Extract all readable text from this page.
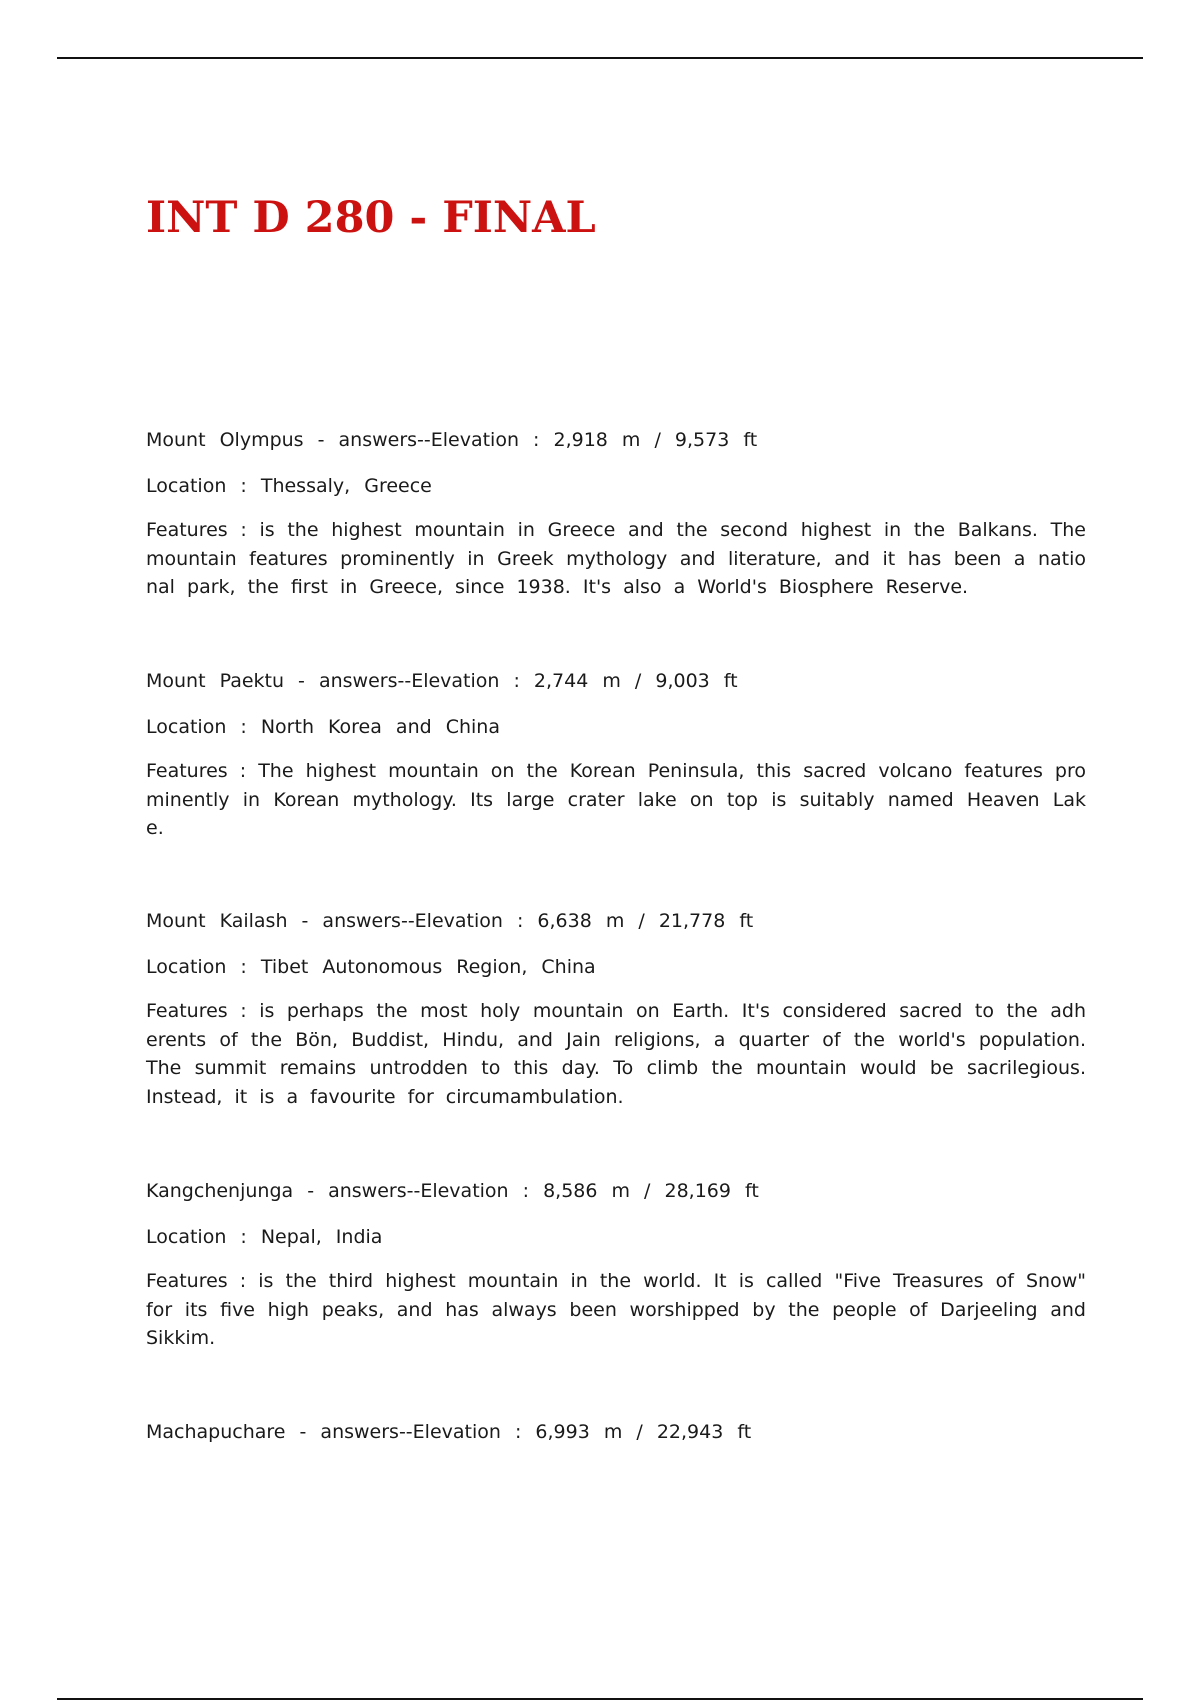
INT D 280 - FINAL

Mount Olympus - answers--Elevation : 2,918 m / 9,573 ft

Location : Thessaly, Greece

Features : is the highest mountain in Greece and the second highest in the Balkans. The mountain features prominently in Greek mythology and literature, and it has been a national park, the first in Greece, since 1938. It's also a World's Biosphere Reserve.

Mount Paektu - answers--Elevation : 2,744 m / 9,003 ft

Location : North Korea and China

Features : The highest mountain on the Korean Peninsula, this sacred volcano features prominently in Korean mythology. Its large crater lake on top is suitably named Heaven Lake.

Mount Kailash - answers--Elevation : 6,638 m / 21,778 ft

Location : Tibet Autonomous Region, China

Features : is perhaps the most holy mountain on Earth. It's considered sacred to the adherents of the Bön, Buddist, Hindu, and Jain religions, a quarter of the world's population. The summit remains untrodden to this day. To climb the mountain would be sacrilegious. Instead, it is a favourite for circumambulation.

Kangchenjunga - answers--Elevation : 8,586 m / 28,169 ft

Location : Nepal, India

Features : is the third highest mountain in the world. It is called "Five Treasures of Snow" for its five high peaks, and has always been worshipped by the people of Darjeeling and Sikkim.

Machapuchare - answers--Elevation : 6,993 m / 22,943 ft
